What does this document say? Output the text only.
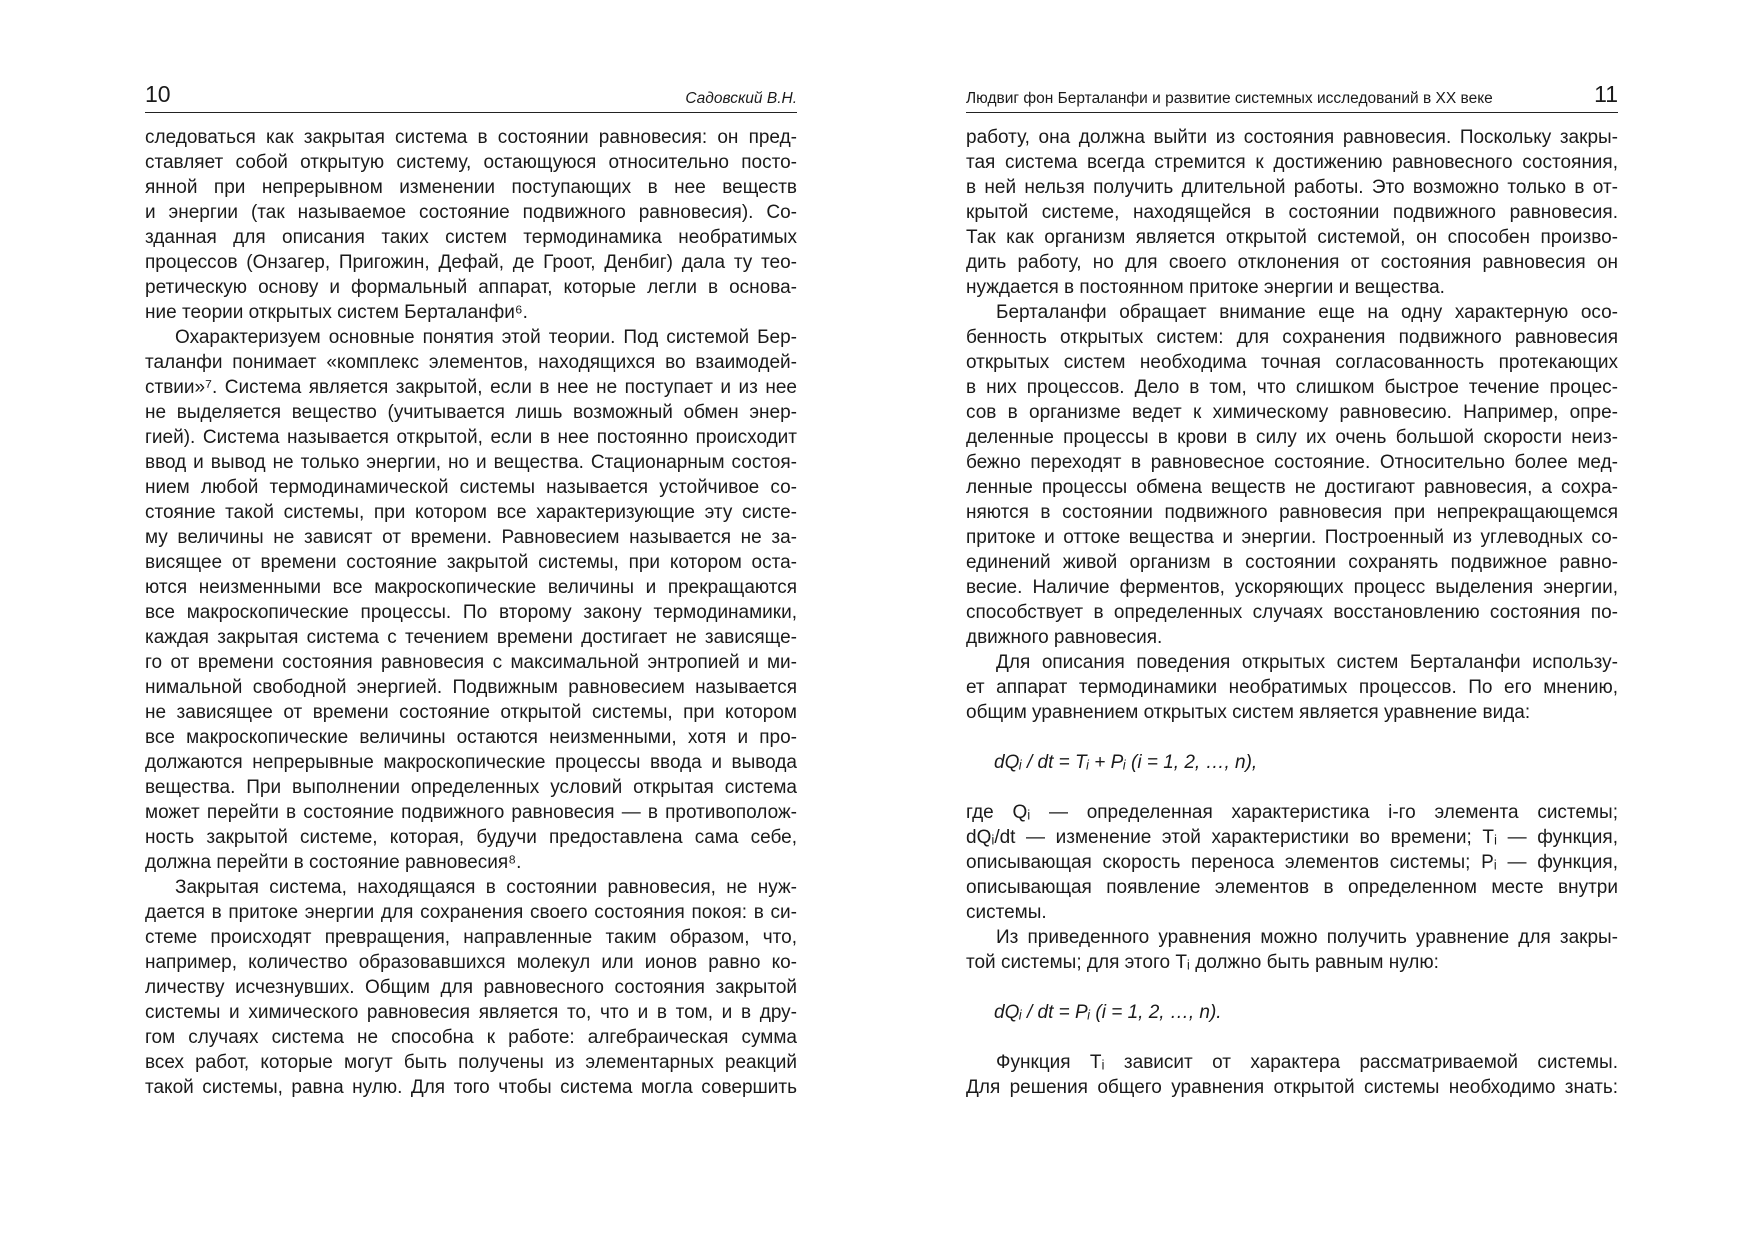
10	Садовский В.Н.
следоваться как закрытая система в состоянии равновесия: он пред-
ставляет собой открытую систему, остающуюся относительно посто-
янной при непрерывном изменении поступающих в нее веществ
и энергии (так называемое состояние подвижного равновесия). Со-
зданная для описания таких систем термодинамика необратимых
процессов (Онзагер, Пригожин, Дефай, де Гроот, Денбиг) дала ту тео-
ретическую основу и формальный аппарат, которые легли в основа-
ние теории открытых систем Берталанфи⁶.
Охарактеризуем основные понятия этой теории. Под системой Бер-
таланфи понимает «комплекс элементов, находящихся во взаимодей-
ствии»⁷. Система является закрытой, если в нее не поступает и из нее
не выделяется вещество (учитывается лишь возможный обмен энер-
гией). Система называется открытой, если в нее постоянно происходит
ввод и вывод не только энергии, но и вещества. Стационарным состоя-
нием любой термодинамической системы называется устойчивое со-
стояние такой системы, при котором все характеризующие эту систе-
му величины не зависят от времени. Равновесием называется не за-
висящее от времени состояние закрытой системы, при котором оста-
ются неизменными все макроскопические величины и прекращаются
все макроскопические процессы. По второму закону термодинамики,
каждая закрытая система с течением времени достигает не зависяще-
го от времени состояния равновесия с максимальной энтропией и ми-
нимальной свободной энергией. Подвижным равновесием называется
не зависящее от времени состояние открытой системы, при котором
все макроскопические величины остаются неизменными, хотя и про-
должаются непрерывные макроскопические процессы ввода и вывода
вещества. При выполнении определенных условий открытая система
может перейти в состояние подвижного равновесия — в противополож-
ность закрытой системе, которая, будучи предоставлена сама себе,
должна перейти в состояние равновесия⁸.
Закрытая система, находящаяся в состоянии равновесия, не нуж-
дается в притоке энергии для сохранения своего состояния покоя: в си-
стеме происходят превращения, направленные таким образом, что,
например, количество образовавшихся молекул или ионов равно ко-
личеству исчезнувших. Общим для равновесного состояния закрытой
системы и химического равновесия является то, что и в том, и в дру-
гом случаях система не способна к работе: алгебраическая сумма
всех работ, которые могут быть получены из элементарных реакций
такой системы, равна нулю. Для того чтобы система могла совершить
Людвиг фон Берталанфи и развитие системных исследований в XX веке	11
работу, она должна выйти из состояния равновесия. Поскольку закры-
тая система всегда стремится к достижению равновесного состояния,
в ней нельзя получить длительной работы. Это возможно только в от-
крытой системе, находящейся в состоянии подвижного равновесия.
Так как организм является открытой системой, он способен произво-
дить работу, но для своего отклонения от состояния равновесия он
нуждается в постоянном притоке энергии и вещества.
Берталанфи обращает внимание еще на одну характерную осо-
бенность открытых систем: для сохранения подвижного равновесия
открытых систем необходима точная согласованность протекающих
в них процессов. Дело в том, что слишком быстрое течение процес-
сов в организме ведет к химическому равновесию. Например, опре-
деленные процессы в крови в силу их очень большой скорости неиз-
бежно переходят в равновесное состояние. Относительно более мед-
ленные процессы обмена веществ не достигают равновесия, а сохра-
няются в состоянии подвижного равновесия при непрекращающемся
притоке и оттоке вещества и энергии. Построенный из углеводных со-
единений живой организм в состоянии сохранять подвижное равно-
весие. Наличие ферментов, ускоряющих процесс выделения энергии,
способствует в определенных случаях восстановлению состояния по-
движного равновесия.
Для описания поведения открытых систем Берталанфи использу-
ет аппарат термодинамики необратимых процессов. По его мнению,
общим уравнением открытых систем является уравнение вида:
dQᵢ / dt = Tᵢ + Pᵢ (i = 1, 2, …, n),
где Qᵢ — определенная характеристика i-го элемента системы;
dQᵢ/dt — изменение этой характеристики во времени; Tᵢ — функция,
описывающая скорость переноса элементов системы; Pᵢ — функция,
описывающая появление элементов в определенном месте внутри
системы.
Из приведенного уравнения можно получить уравнение для закры-
той системы; для этого Tᵢ должно быть равным нулю:
dQᵢ / dt = Pᵢ (i = 1, 2, …, n).
Функция Tᵢ зависит от характера рассматриваемой системы.
Для решения общего уравнения открытой системы необходимо знать:
